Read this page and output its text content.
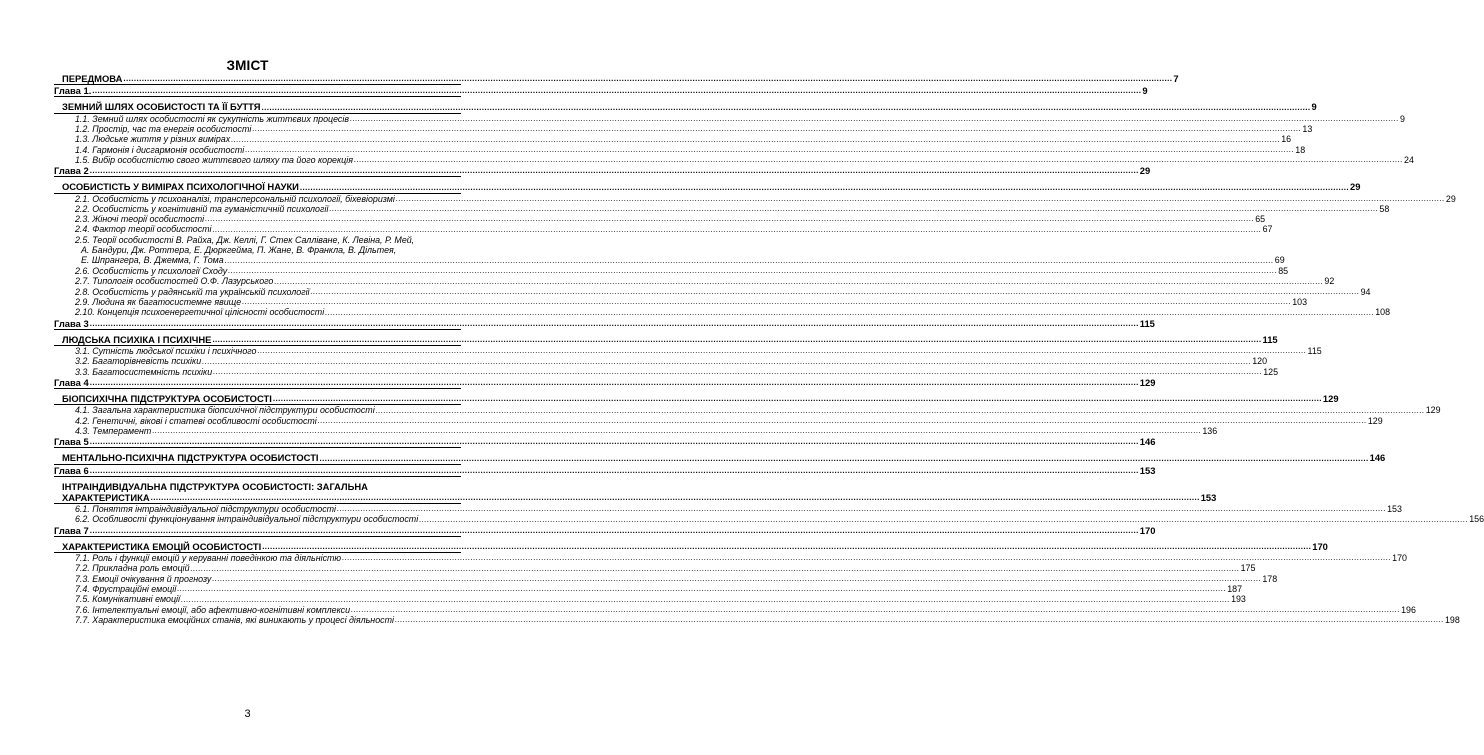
ЗМІСТ
ПЕРЕДМОВА ................................................................................................................................................................................................................................................................................................................................................................................................................ 7
Глава 1. ................................................................................................................................................................................................................................................................................................................................................................................................................ 9
ЗЕМНИЙ ШЛЯХ ОСОБИСТОСТІ ТА ЇЇ БУТТЯ ................................................................................................................................................................................................................................................................................................................................................................................................................ 9
1.1. Земний шлях особистості як сукупність життєвих процесів ................................................................................................................................................................................................................................................................................................................................................................................................................ 9
1.2. Простір, час та енергія особистості ................................................................................................................................................................................................................................................................................................................................................................................................................ 13
1.3. Людське життя у різних вимірах ................................................................................................................................................................................................................................................................................................................................................................................................................ 16
1.4. Гармонія і дисгармонія особистості ................................................................................................................................................................................................................................................................................................................................................................................................................ 18
1.5. Вибір особистістю свого життєвого шляху та його корекція ................................................................................................................................................................................................................................................................................................................................................................................................................ 24
Глава 2 ................................................................................................................................................................................................................................................................................................................................................................................................................ 29
ОСОБИСТІСТЬ У ВИМІРАХ ПСИХОЛОГІЧНОЇ НАУКИ ................................................................................................................................................................................................................................................................................................................................................................................................................ 29
2.1. Особистість у психоаналізі, трансперсональній психології, біхевіоризмі ................................................................................................................................................................................................................................................................................................................................................................................................................ 29
2.2. Особистість у когнітивній та гуманістичній психології ................................................................................................................................................................................................................................................................................................................................................................................................................ 58
2.3. Жіночі теорії особистості ................................................................................................................................................................................................................................................................................................................................................................................................................ 65
2.4. Фактор теорії особистості ................................................................................................................................................................................................................................................................................................................................................................................................................ 67
2.5. Теорії особистості В. Райха, Дж. Келлі, Г. Стек Салліване, К. Левіна, Р. Мей,
А. Бандури, Дж. Роттера, Е. Дюркгейма, П. Жане, В. Франкла, В. Дільтея,
Е. Шпрангера, В. Джемма, Г. Тома ................................................................................................................................................................................................................................................................................................................................................................................................................ 69
2.6. Особистість у психології Сходу ................................................................................................................................................................................................................................................................................................................................................................................................................ 85
2.7. Типологія особистостей О.Ф. Лазурського ................................................................................................................................................................................................................................................................................................................................................................................................................ 92
2.8. Особистість у радянській та українській психології ................................................................................................................................................................................................................................................................................................................................................................................................................ 94
2.9. Людина як багатосистемне явище ................................................................................................................................................................................................................................................................................................................................................................................................................ 103
2.10. Концепція психоенергетичної цілісності особистості ................................................................................................................................................................................................................................................................................................................................................................................................................ 108
Глава 3 ................................................................................................................................................................................................................................................................................................................................................................................................................ 115
ЛЮДСЬКА ПСИХІКА І ПСИХІЧНЕ ................................................................................................................................................................................................................................................................................................................................................................................................................ 115
3.1. Сутність людської психіки і психічного ................................................................................................................................................................................................................................................................................................................................................................................................................ 115
3.2. Багаторівневість психіки ................................................................................................................................................................................................................................................................................................................................................................................................................ 120
3.3. Багатосистемність психіки ................................................................................................................................................................................................................................................................................................................................................................................................................ 125
Глава 4 ................................................................................................................................................................................................................................................................................................................................................................................................................ 129
БІОПСИХІЧНА ПІДСТРУКТУРА ОСОБИСТОСТІ ................................................................................................................................................................................................................................................................................................................................................................................................................ 129
4.1. Загальна характеристика біопсихічної підструктури особистості ................................................................................................................................................................................................................................................................................................................................................................................................................ 129
4.2. Генетичні, вікові і статеві особливості особистості ................................................................................................................................................................................................................................................................................................................................................................................................................ 129
4.3. Темперамент ................................................................................................................................................................................................................................................................................................................................................................................................................ 136
Глава 5 ................................................................................................................................................................................................................................................................................................................................................................................................................ 146
МЕНТАЛЬНО-ПСИХІЧНА ПІДСТРУКТУРА ОСОБИСТОСТІ ................................................................................................................................................................................................................................................................................................................................................................................................................ 146
Глава 6 ................................................................................................................................................................................................................................................................................................................................................................................................................ 153
ІНТРАІНДИВІДУАЛЬНА ПІДСТРУКТУРА ОСОБИСТОСТІ: ЗАГАЛЬНА
ХАРАКТЕРИСТИКА ................................................................................................................................................................................................................................................................................................................................................................................................................ 153
6.1. Поняття інтраіндивідуальної підструктури особистості ................................................................................................................................................................................................................................................................................................................................................................................................................ 153
6.2. Особливості функціонування інтраіндивідуальної підструктури особистості ................................................................................................................................................................................................................................................................................................................................................................................................................ 156
Глава 7 ................................................................................................................................................................................................................................................................................................................................................................................................................ 170
ХАРАКТЕРИСТИКА ЕМОЦІЙ ОСОБИСТОСТІ ................................................................................................................................................................................................................................................................................................................................................................................................................ 170
7.1. Роль і функції емоцій у керуванні поведінкою та діяльністю ................................................................................................................................................................................................................................................................................................................................................................................................................ 170
7.2. Прикладна роль емоцій ................................................................................................................................................................................................................................................................................................................................................................................................................ 175
7.3. Емоції очікування й прогнозу ................................................................................................................................................................................................................................................................................................................................................................................................................ 178
7.4. Фрустраційні емоції ................................................................................................................................................................................................................................................................................................................................................................................................................ 187
7.5. Комунікативні емоції ................................................................................................................................................................................................................................................................................................................................................................................................................ 193
7.6. Інтелектуальні емоції, або афективно-когнітивні комплекси ................................................................................................................................................................................................................................................................................................................................................................................................................ 196
7.7. Характеристика емоційних станів, які виникають у процесі діяльності ................................................................................................................................................................................................................................................................................................................................................................................................................ 198
3
